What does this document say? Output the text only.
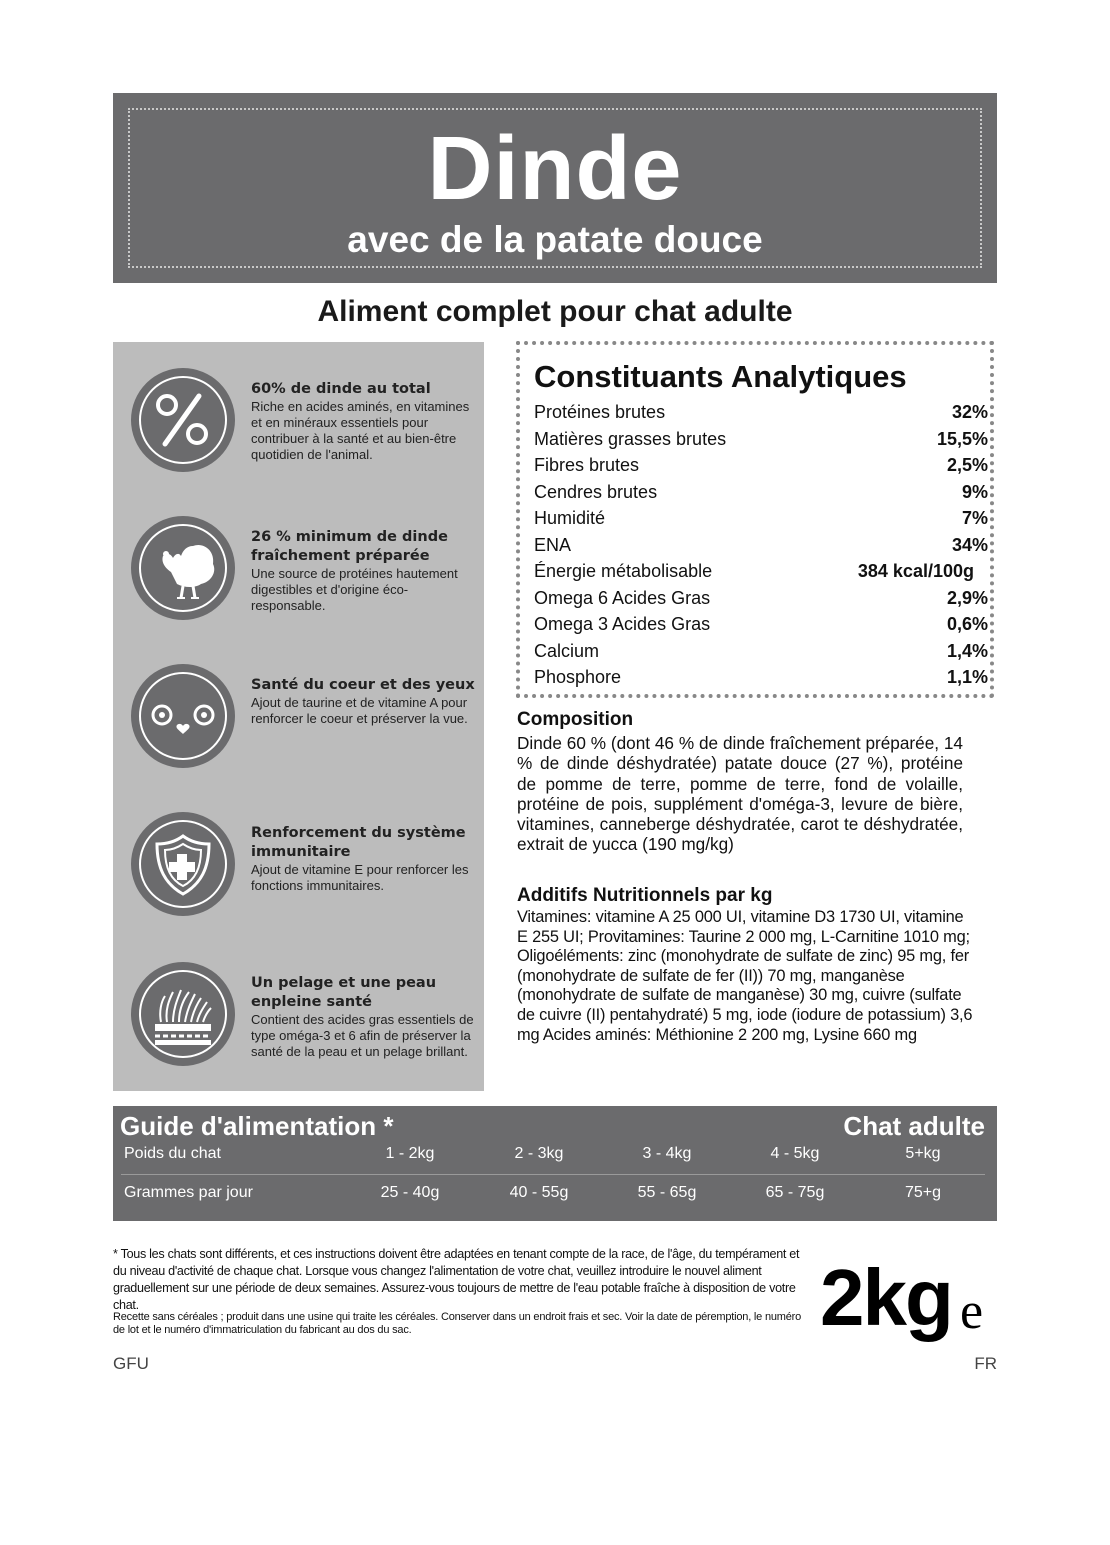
Dinde
avec de la patate douce
Aliment complet pour chat adulte
60% de dinde au total
Riche en acides aminés, en vitamines et en minéraux essentiels pour contribuer à la santé et au bien-être quotidien de l'animal.
26 % minimum de dinde fraîchement préparée
Une source de protéines hautement digestibles et d'origine éco-responsable.
Santé du coeur et des yeux
Ajout de taurine et de vitamine A pour renforcer le coeur et préserver la vue.
Renforcement du système immunitaire
Ajout de vitamine E pour renforcer les fonctions immunitaires.
Un pelage et une peau enpleine santé
Contient des acides gras essentiels de type oméga-3 et 6 afin de préserver la santé de la peau et un pelage brillant.
Constituants Analytiques
Protéines brutes	32%
Matières grasses brutes	15,5%
Fibres brutes	2,5%
Cendres brutes	9%
Humidité	7%
ENA	34%
Énergie métabolisable	384 kcal/100g
Omega 6 Acides Gras	2,9%
Omega 3 Acides Gras	0,6%
Calcium	1,4%
Phosphore	1,1%
Composition
Dinde 60 % (dont 46 % de dinde fraîchement préparée, 14 % de dinde déshydratée) patate douce (27 %), protéine de pomme de terre, pomme de terre, fond de volaille, protéine de pois, supplément d'oméga-3, levure de bière, vitamines, canneberge déshydratée, carot te déshydratée, extrait de yucca (190 mg/kg)
Additifs Nutritionnels par kg
Vitamines: vitamine A 25 000 UI, vitamine D3 1730 UI, vitamine E 255 UI; Provitamines: Taurine 2 000 mg, L-Carnitine 1010 mg; Oligoéléments: zinc (monohydrate de sulfate de zinc) 95 mg, fer (monohydrate de sulfate de fer (II)) 70 mg, manganèse (monohydrate de sulfate de manganèse) 30 mg, cuivre (sulfate de cuivre (II) pentahydraté) 5 mg, iode (iodure de potassium) 3,6 mg Acides aminés: Méthionine 2 200 mg, Lysine 660 mg
Guide d'alimentation *	Chat adulte
Poids du chat	1 - 2kg	2 - 3kg	3 - 4kg	4 - 5kg	5+kg
Grammes par jour	25 - 40g	40 - 55g	55 - 65g	65 - 75g	75+g
* Tous les chats sont différents, et ces instructions doivent être adaptées en tenant compte de la race, de l'âge, du tempérament et du niveau d'activité de chaque chat. Lorsque vous changez l'alimentation de votre chat, veuillez introduire le nouvel aliment graduellement sur une période de deux semaines. Assurez-vous toujours de mettre de l'eau potable fraîche à disposition de votre chat.
Recette sans céréales ; produit dans une usine qui traite les céréales. Conserver dans un endroit frais et sec. Voir la date de péremption, le numéro de lot et le numéro d'immatriculation du fabricant au dos du sac.	2kg e
GFU	FR
